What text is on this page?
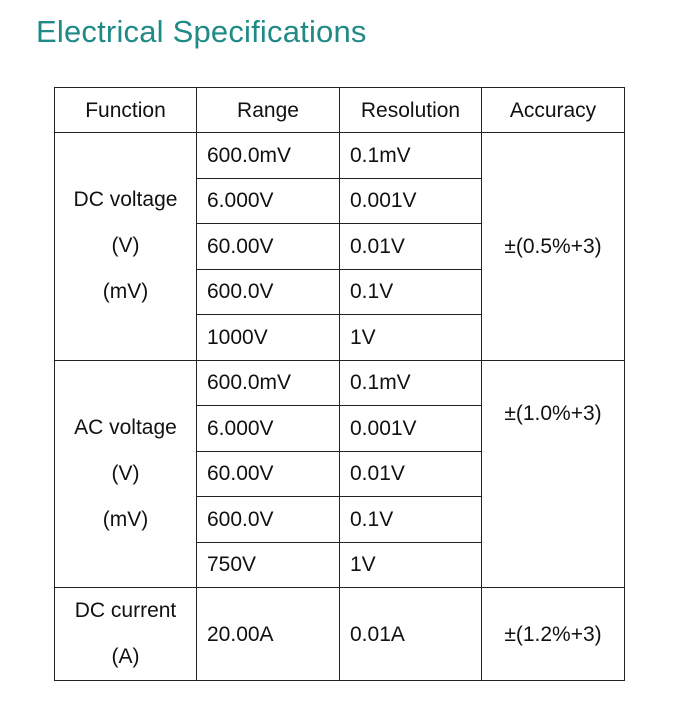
Electrical Specifications
Function	Range	Resolution	Accuracy

DC voltage
(V)
(mV)	600.0mV	0.1mV	±(0.5%+3)
	6.000V	0.001V	
	60.00V	0.01V	
	600.0V	0.1V	
	1000V	1V	

AC voltage
(V)
(mV)	600.0mV	0.1mV	±(1.0%+3)
	6.000V	0.001V	
	60.00V	0.01V	
	600.0V	0.1V	
	750V	1V	

DC current
(A)	20.00A	0.01A	±(1.2%+3)
